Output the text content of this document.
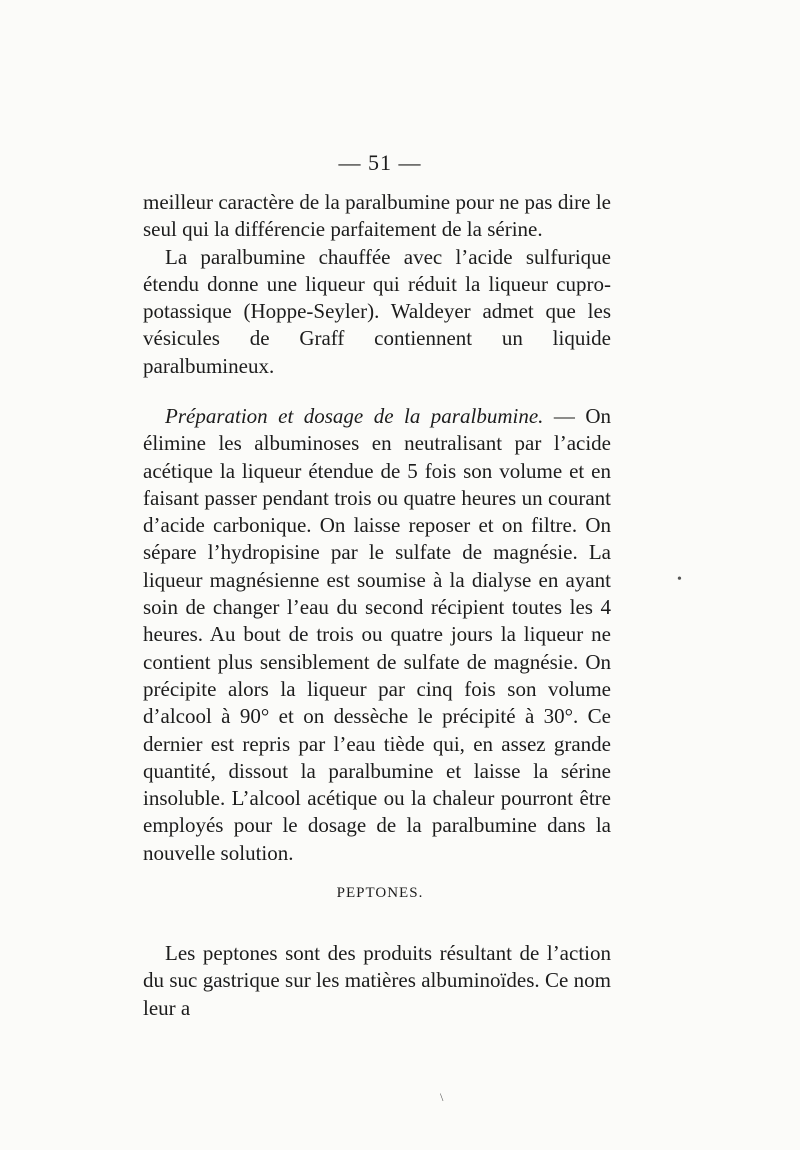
— 51 —

meilleur caractère de la paralbumine pour ne pas dire le seul qui la différencie parfaitement de la sérine.

La paralbumine chauffée avec l’acide sulfurique étendu donne une liqueur qui réduit la liqueur cupro-potassique (Hoppe-Seyler). Waldeyer admet que les vésicules de Graff contiennent un liquide paralbumineux.

Préparation et dosage de la paralbumine. — On élimine les albuminoses en neutralisant par l’acide acétique la liqueur étendue de 5 fois son volume et en faisant passer pendant trois ou quatre heures un courant d’acide carbonique. On laisse reposer et on filtre. On sépare l’hydropisine par le sulfate de magnésie. La liqueur magnésienne est soumise à la dialyse en ayant soin de changer l’eau du second récipient toutes les 4 heures. Au bout de trois ou quatre jours la liqueur ne contient plus sensiblement de sulfate de magnésie. On précipite alors la liqueur par cinq fois son volume d’alcool à 90° et on dessèche le précipité à 30°. Ce dernier est repris par l’eau tiède qui, en assez grande quantité, dissout la paralbumine et laisse la sérine insoluble. L’alcool acétique ou la chaleur pourront être employés pour le dosage de la paralbumine dans la nouvelle solution.

PEPTONES.

Les peptones sont des produits résultant de l’action du suc gastrique sur les matières albuminoïdes. Ce nom leur a

•
\
